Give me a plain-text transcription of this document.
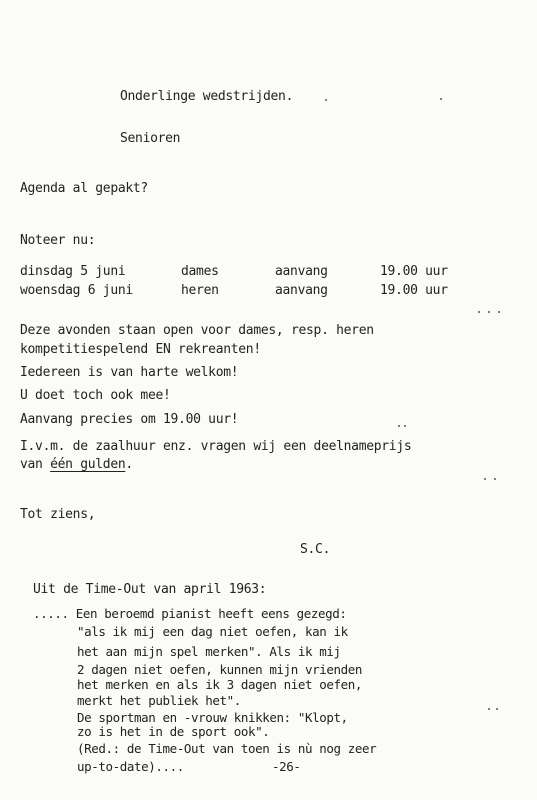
Onderlinge wedstrijden.
Senioren
Agenda al gepakt?
Noteer nu:
dinsdag 5 juni	dames	aanvang	19.00 uur
woensdag 6 juni	heren	aanvang	19.00 uur
Deze avonden staan open voor dames, resp. heren
kompetitiespelend EN rekreanten!
Iedereen is van harte welkom!
U doet toch ook mee!
Aanvang precies om 19.00 uur!
I.v.m. de zaalhuur enz. vragen wij een deelnameprijs
van één gulden.
Tot ziens,
S.C.
Uit de Time-Out van april 1963:
..... Een beroemd pianist heeft eens gezegd:
"als ik mij een dag niet oefen, kan ik
het aan mijn spel merken". Als ik mij
2 dagen niet oefen, kunnen mijn vrienden
het merken en als ik 3 dagen niet oefen,
merkt het publiek het".
De sportman en -vrouw knikken: "Klopt,
zo is het in de sport ook".
(Red.: de Time-Out van toen is nù nog zeer
up-to-date)....	-26-
